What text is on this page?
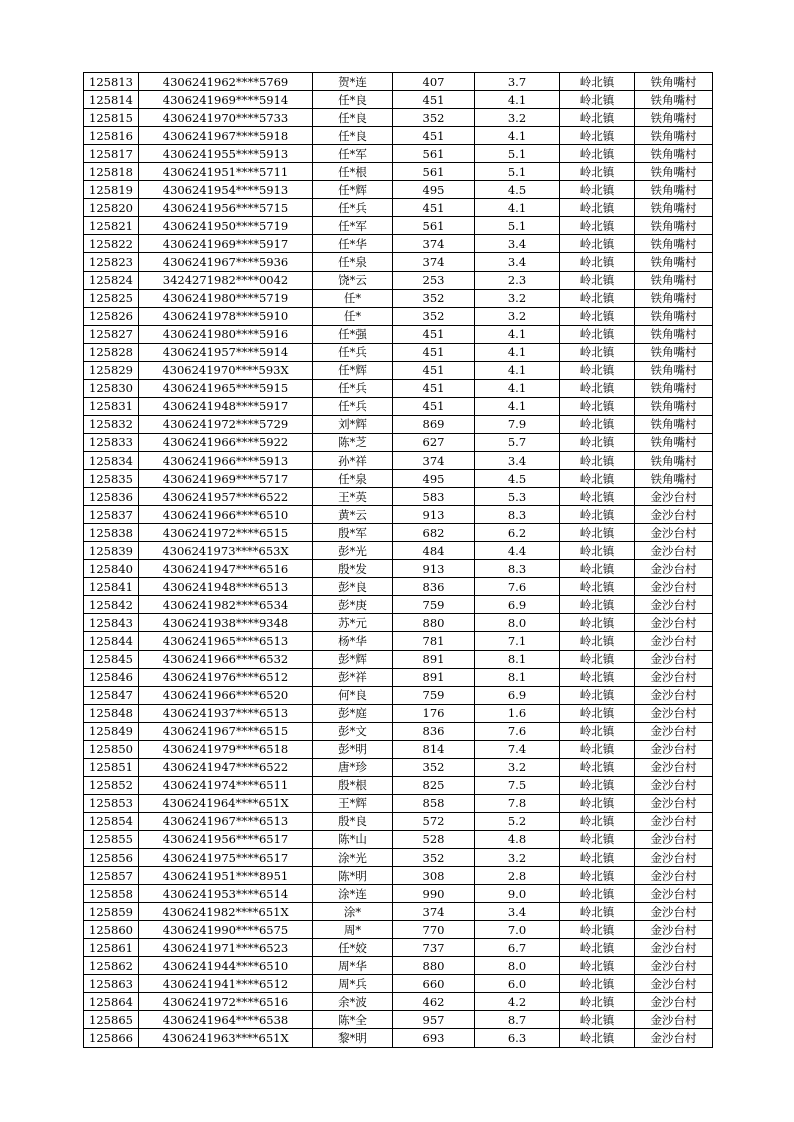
125813	4306241962****5769	贺*连	407	3.7	岭北镇	铁角嘴村
125814	4306241969****5914	任*良	451	4.1	岭北镇	铁角嘴村
125815	4306241970****5733	任*良	352	3.2	岭北镇	铁角嘴村
125816	4306241967****5918	任*良	451	4.1	岭北镇	铁角嘴村
125817	4306241955****5913	任*军	561	5.1	岭北镇	铁角嘴村
125818	4306241951****5711	任*根	561	5.1	岭北镇	铁角嘴村
125819	4306241954****5913	任*辉	495	4.5	岭北镇	铁角嘴村
125820	4306241956****5715	任*兵	451	4.1	岭北镇	铁角嘴村
125821	4306241950****5719	任*军	561	5.1	岭北镇	铁角嘴村
125822	4306241969****5917	任*华	374	3.4	岭北镇	铁角嘴村
125823	4306241967****5936	任*泉	374	3.4	岭北镇	铁角嘴村
125824	3424271982****0042	饶*云	253	2.3	岭北镇	铁角嘴村
125825	4306241980****5719	任*	352	3.2	岭北镇	铁角嘴村
125826	4306241978****5910	任*	352	3.2	岭北镇	铁角嘴村
125827	4306241980****5916	任*强	451	4.1	岭北镇	铁角嘴村
125828	4306241957****5914	任*兵	451	4.1	岭北镇	铁角嘴村
125829	4306241970****593X	任*辉	451	4.1	岭北镇	铁角嘴村
125830	4306241965****5915	任*兵	451	4.1	岭北镇	铁角嘴村
125831	4306241948****5917	任*兵	451	4.1	岭北镇	铁角嘴村
125832	4306241972****5729	刘*辉	869	7.9	岭北镇	铁角嘴村
125833	4306241966****5922	陈*芝	627	5.7	岭北镇	铁角嘴村
125834	4306241966****5913	孙*祥	374	3.4	岭北镇	铁角嘴村
125835	4306241969****5717	任*泉	495	4.5	岭北镇	铁角嘴村
125836	4306241957****6522	王*英	583	5.3	岭北镇	金沙台村
125837	4306241966****6510	黄*云	913	8.3	岭北镇	金沙台村
125838	4306241972****6515	殷*军	682	6.2	岭北镇	金沙台村
125839	4306241973****653X	彭*光	484	4.4	岭北镇	金沙台村
125840	4306241947****6516	殷*发	913	8.3	岭北镇	金沙台村
125841	4306241948****6513	彭*良	836	7.6	岭北镇	金沙台村
125842	4306241982****6534	彭*庚	759	6.9	岭北镇	金沙台村
125843	4306241938****9348	苏*元	880	8.0	岭北镇	金沙台村
125844	4306241965****6513	杨*华	781	7.1	岭北镇	金沙台村
125845	4306241966****6532	彭*辉	891	8.1	岭北镇	金沙台村
125846	4306241976****6512	彭*祥	891	8.1	岭北镇	金沙台村
125847	4306241966****6520	何*良	759	6.9	岭北镇	金沙台村
125848	4306241937****6513	彭*庭	176	1.6	岭北镇	金沙台村
125849	4306241967****6515	彭*文	836	7.6	岭北镇	金沙台村
125850	4306241979****6518	彭*明	814	7.4	岭北镇	金沙台村
125851	4306241947****6522	唐*珍	352	3.2	岭北镇	金沙台村
125852	4306241974****6511	殷*根	825	7.5	岭北镇	金沙台村
125853	4306241964****651X	王*辉	858	7.8	岭北镇	金沙台村
125854	4306241967****6513	殷*良	572	5.2	岭北镇	金沙台村
125855	4306241956****6517	陈*山	528	4.8	岭北镇	金沙台村
125856	4306241975****6517	涂*光	352	3.2	岭北镇	金沙台村
125857	4306241951****8951	陈*明	308	2.8	岭北镇	金沙台村
125858	4306241953****6514	涂*连	990	9.0	岭北镇	金沙台村
125859	4306241982****651X	涂*	374	3.4	岭北镇	金沙台村
125860	4306241990****6575	周*	770	7.0	岭北镇	金沙台村
125861	4306241971****6523	任*姣	737	6.7	岭北镇	金沙台村
125862	4306241944****6510	周*华	880	8.0	岭北镇	金沙台村
125863	4306241941****6512	周*兵	660	6.0	岭北镇	金沙台村
125864	4306241972****6516	余*波	462	4.2	岭北镇	金沙台村
125865	4306241964****6538	陈*全	957	8.7	岭北镇	金沙台村
125866	4306241963****651X	黎*明	693	6.3	岭北镇	金沙台村
